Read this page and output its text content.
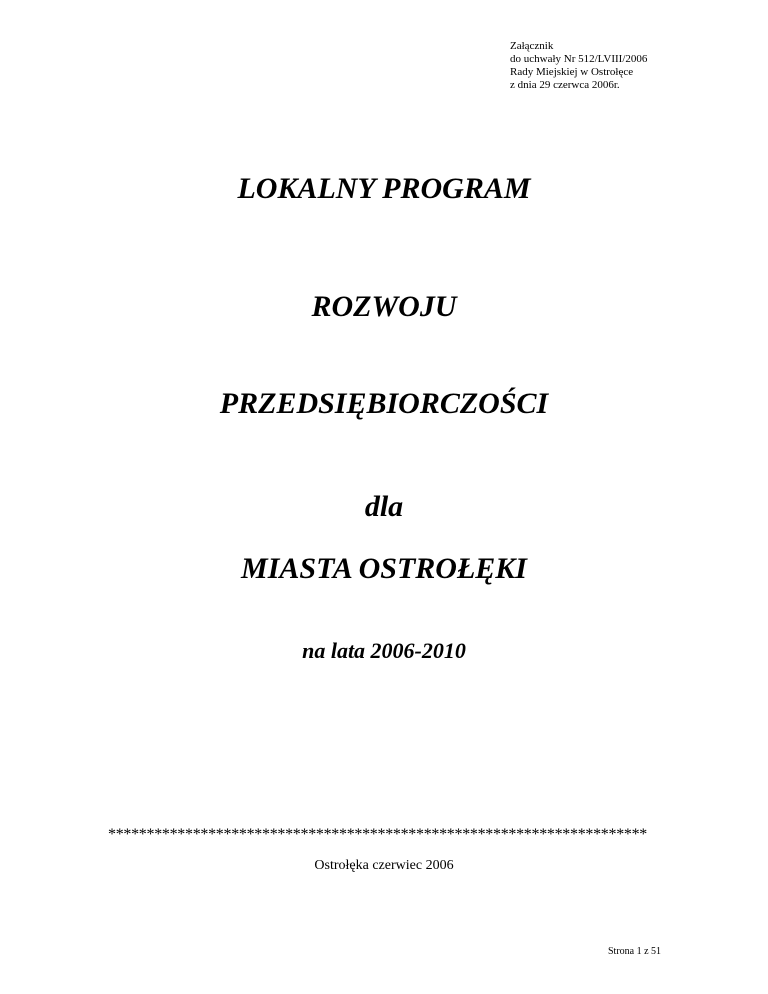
Załącznik
do uchwały Nr 512/LVIII/2006
Rady Miejskiej w Ostrołęce
z dnia 29 czerwca 2006r.
LOKALNY PROGRAM
ROZWOJU
PRZEDSIĘBIORCZOŚCI
dla
MIASTA OSTROŁĘKI
na lata 2006-2010
**********************************************************************
Ostrołęka czerwiec 2006
Strona 1 z 51
